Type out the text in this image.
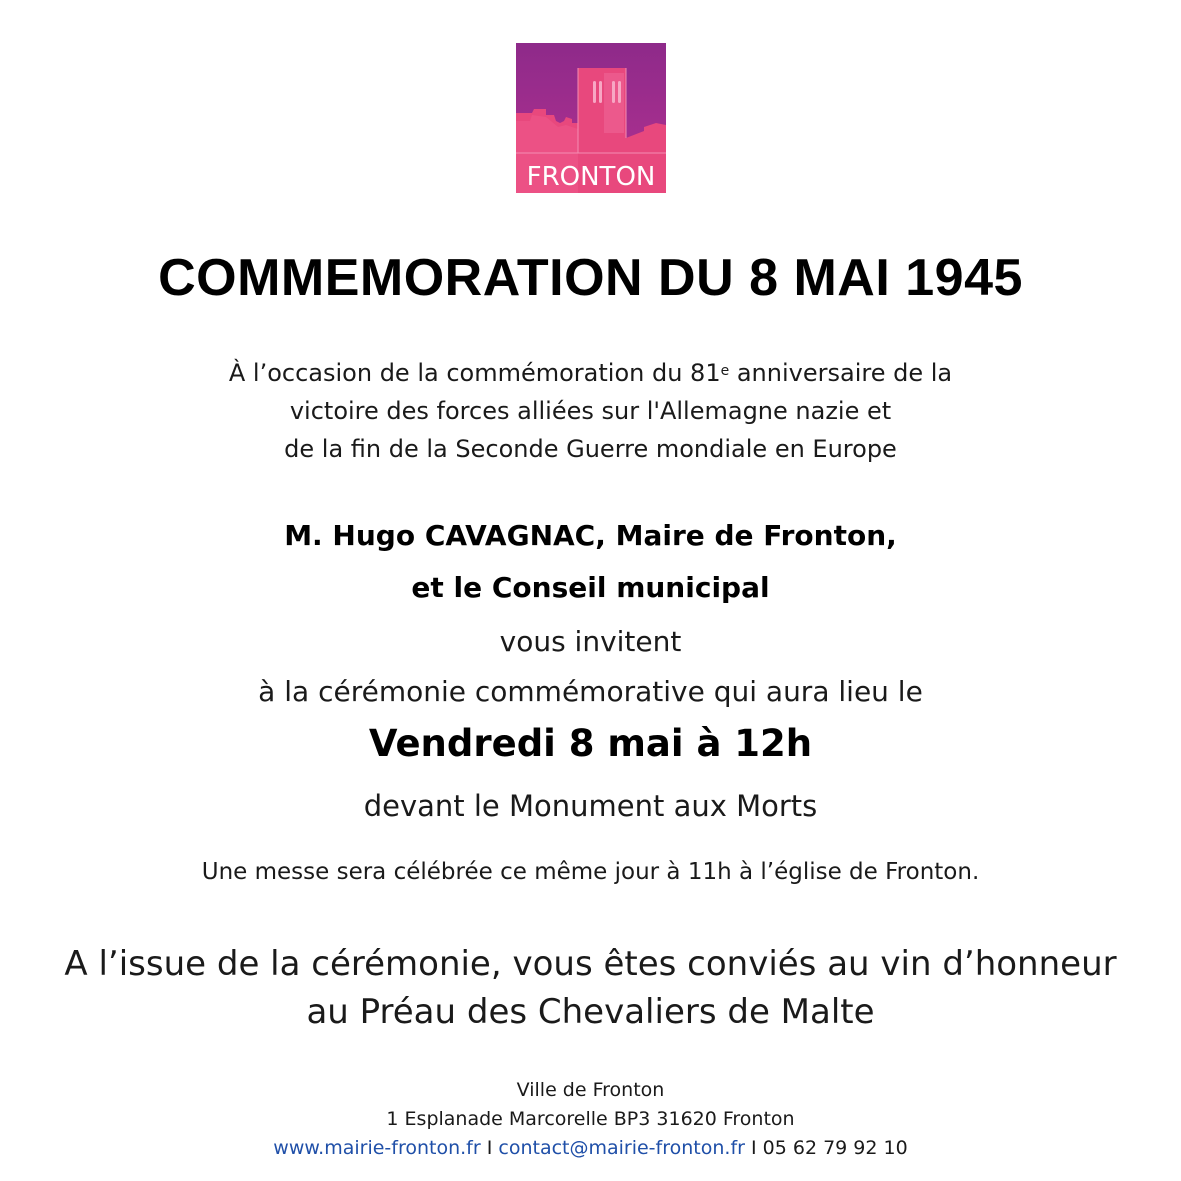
FRONTON
COMMEMORATION DU 8 MAI 1945
À l’occasion de la commémoration du 81e anniversaire de la
victoire des forces alliées sur l'Allemagne nazie et
de la fin de la Seconde Guerre mondiale en Europe
M. Hugo CAVAGNAC, Maire de Fronton,
et le Conseil municipal
vous invitent
à la cérémonie commémorative qui aura lieu le
Vendredi 8 mai à 12h
devant le Monument aux Morts
Une messe sera célébrée ce même jour à 11h à l’église de Fronton.
A l’issue de la cérémonie, vous êtes conviés au vin d’honneur
au Préau des Chevaliers de Malte
Ville de Fronton
1 Esplanade Marcorelle BP3 31620 Fronton
www.mairie-fronton.fr I contact@mairie-fronton.fr I 05 62 79 92 10
